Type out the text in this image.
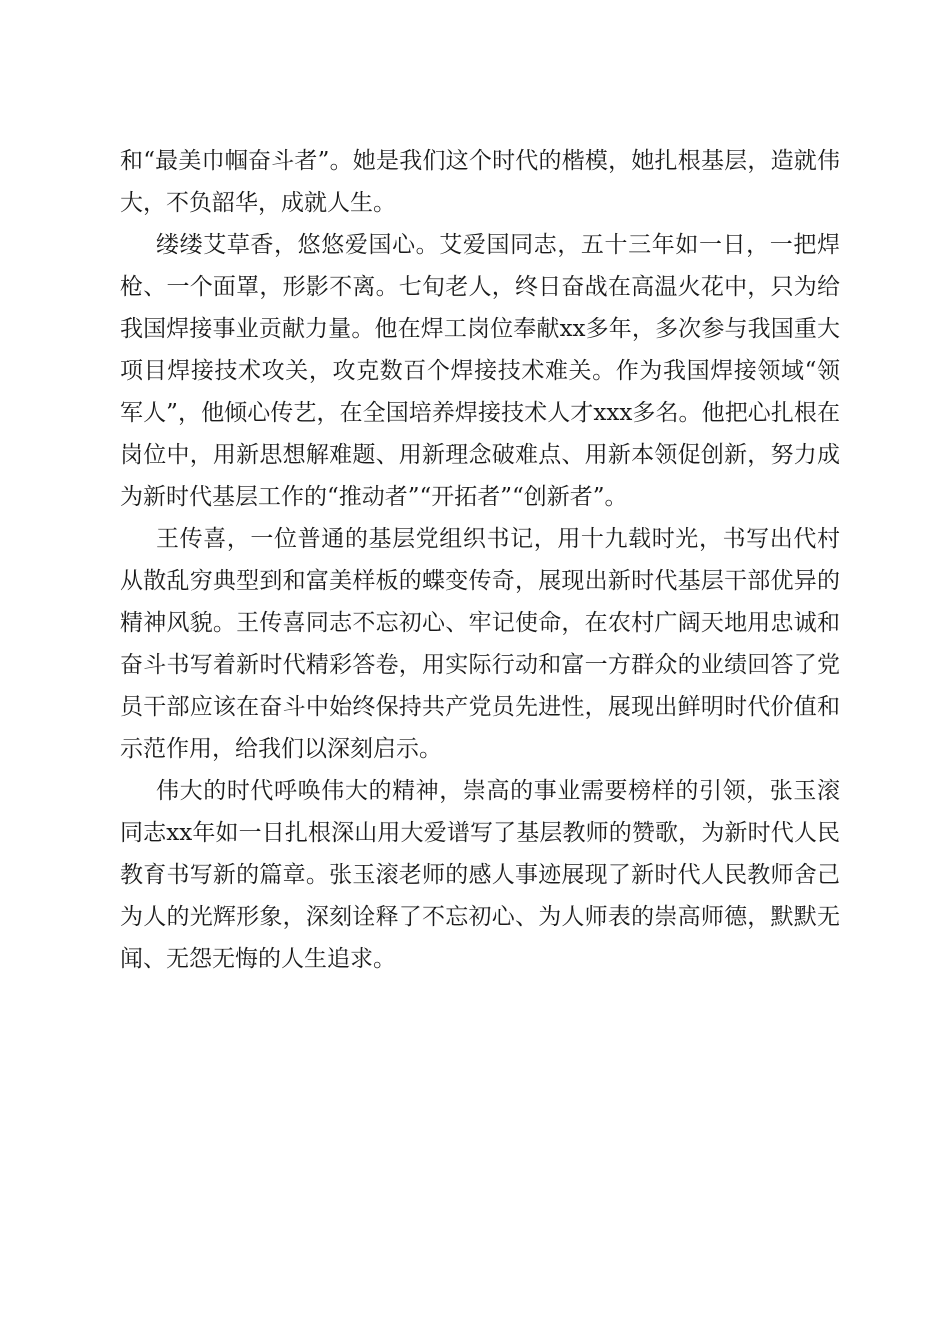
和“最美巾帼奋斗者”。她是我们这个时代的楷模，她扎根基层，造就伟大，不负韶华，成就人生。

缕缕艾草香，悠悠爱国心。艾爱国同志，五十三年如一日，一把焊枪、一个面罩，形影不离。七旬老人，终日奋战在高温火花中，只为给我国焊接事业贡献力量。他在焊工岗位奉献xx多年，多次参与我国重大项目焊接技术攻关，攻克数百个焊接技术难关。作为我国焊接领域“领军人”，他倾心传艺，在全国培养焊接技术人才xxx多名。他把心扎根在岗位中，用新思想解难题、用新理念破难点、用新本领促创新，努力成为新时代基层工作的“推动者”“开拓者”“创新者”。

王传喜，一位普通的基层党组织书记，用十九载时光，书写出代村从散乱穷典型到和富美样板的蝶变传奇，展现出新时代基层干部优异的精神风貌。王传喜同志不忘初心、牢记使命，在农村广阔天地用忠诚和奋斗书写着新时代精彩答卷，用实际行动和富一方群众的业绩回答了党员干部应该在奋斗中始终保持共产党员先进性，展现出鲜明时代价值和示范作用，给我们以深刻启示。

伟大的时代呼唤伟大的精神，崇高的事业需要榜样的引领，张玉滚同志xx年如一日扎根深山用大爱谱写了基层教师的赞歌，为新时代人民教育书写新的篇章。张玉滚老师的感人事迹展现了新时代人民教师舍己为人的光辉形象，深刻诠释了不忘初心、为人师表的崇高师德，默默无闻、无怨无悔的人生追求。
